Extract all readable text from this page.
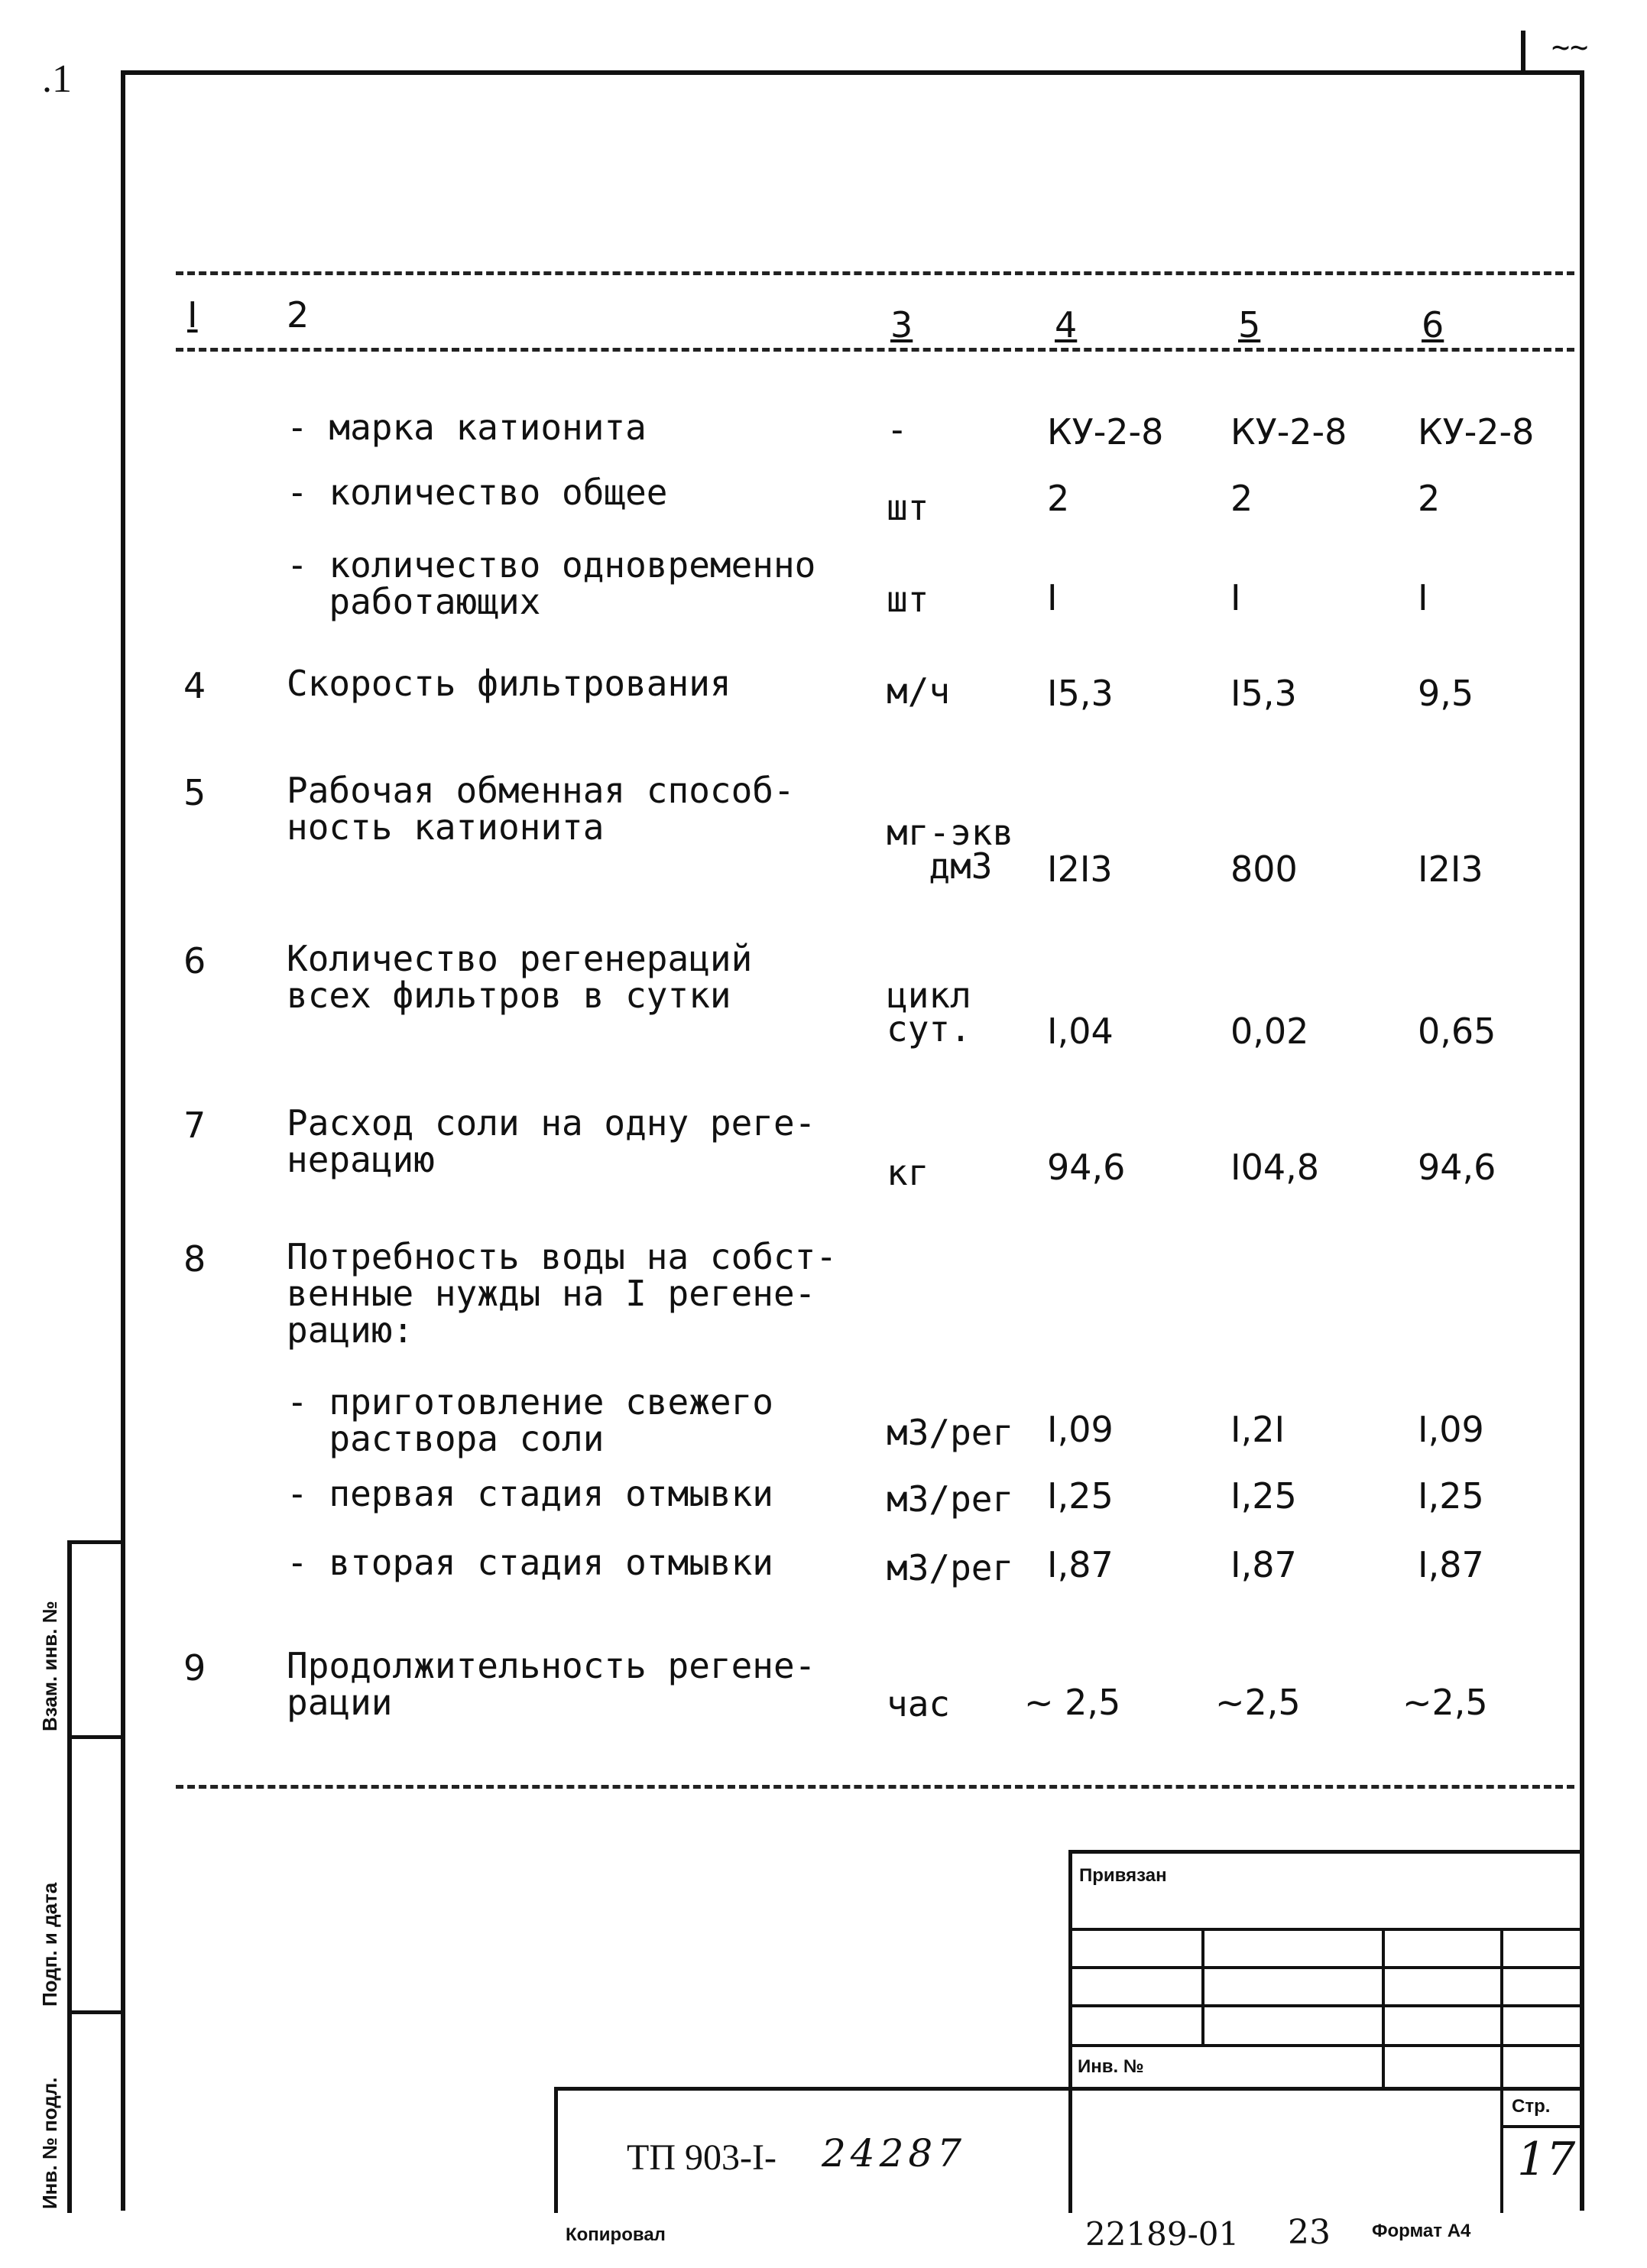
.1
~~
I	2	3	4	5	6
- марка катионита	-	КУ-2-8 КУ-2-8 КУ-2-8
- количество общее	шт	2	2	2
- количество одновременно
работающих	шт	I	I	I
4 Скорость фильтрования	м/ч	I5,3	I5,3	9,5
5 Рабочая обменная способ-
ность катионита	мг-экв
дм3 I2I3	800	I2I3
6 Количество регенераций
всех фильтров в сутки	цикл
сут. I,04	0,02	0,65
7 Расход соли на одну реге-
нерацию	кг	94,6	I04,8	94,6
8 Потребность воды на собст-
венные нужды на I регене-
рацию:
- приготовление свежего
раствора соли	м3/рег I,09	I,2I	I,09
- первая стадия отмывки	м3/рег I,25	I,25	I,25
- вторая стадия отмывки	м3/рег I,87	I,87	I,87
9 Продолжительность регене-
рации	час ~ 2,5	~2,5	~2,5
Взам. инв. №
Подп. и дата
Инв. № подл.
Привязан
Инв. №
Стр.
17
ТП 903-I- 24287
Копировал	22189-01 23 Формат А4
